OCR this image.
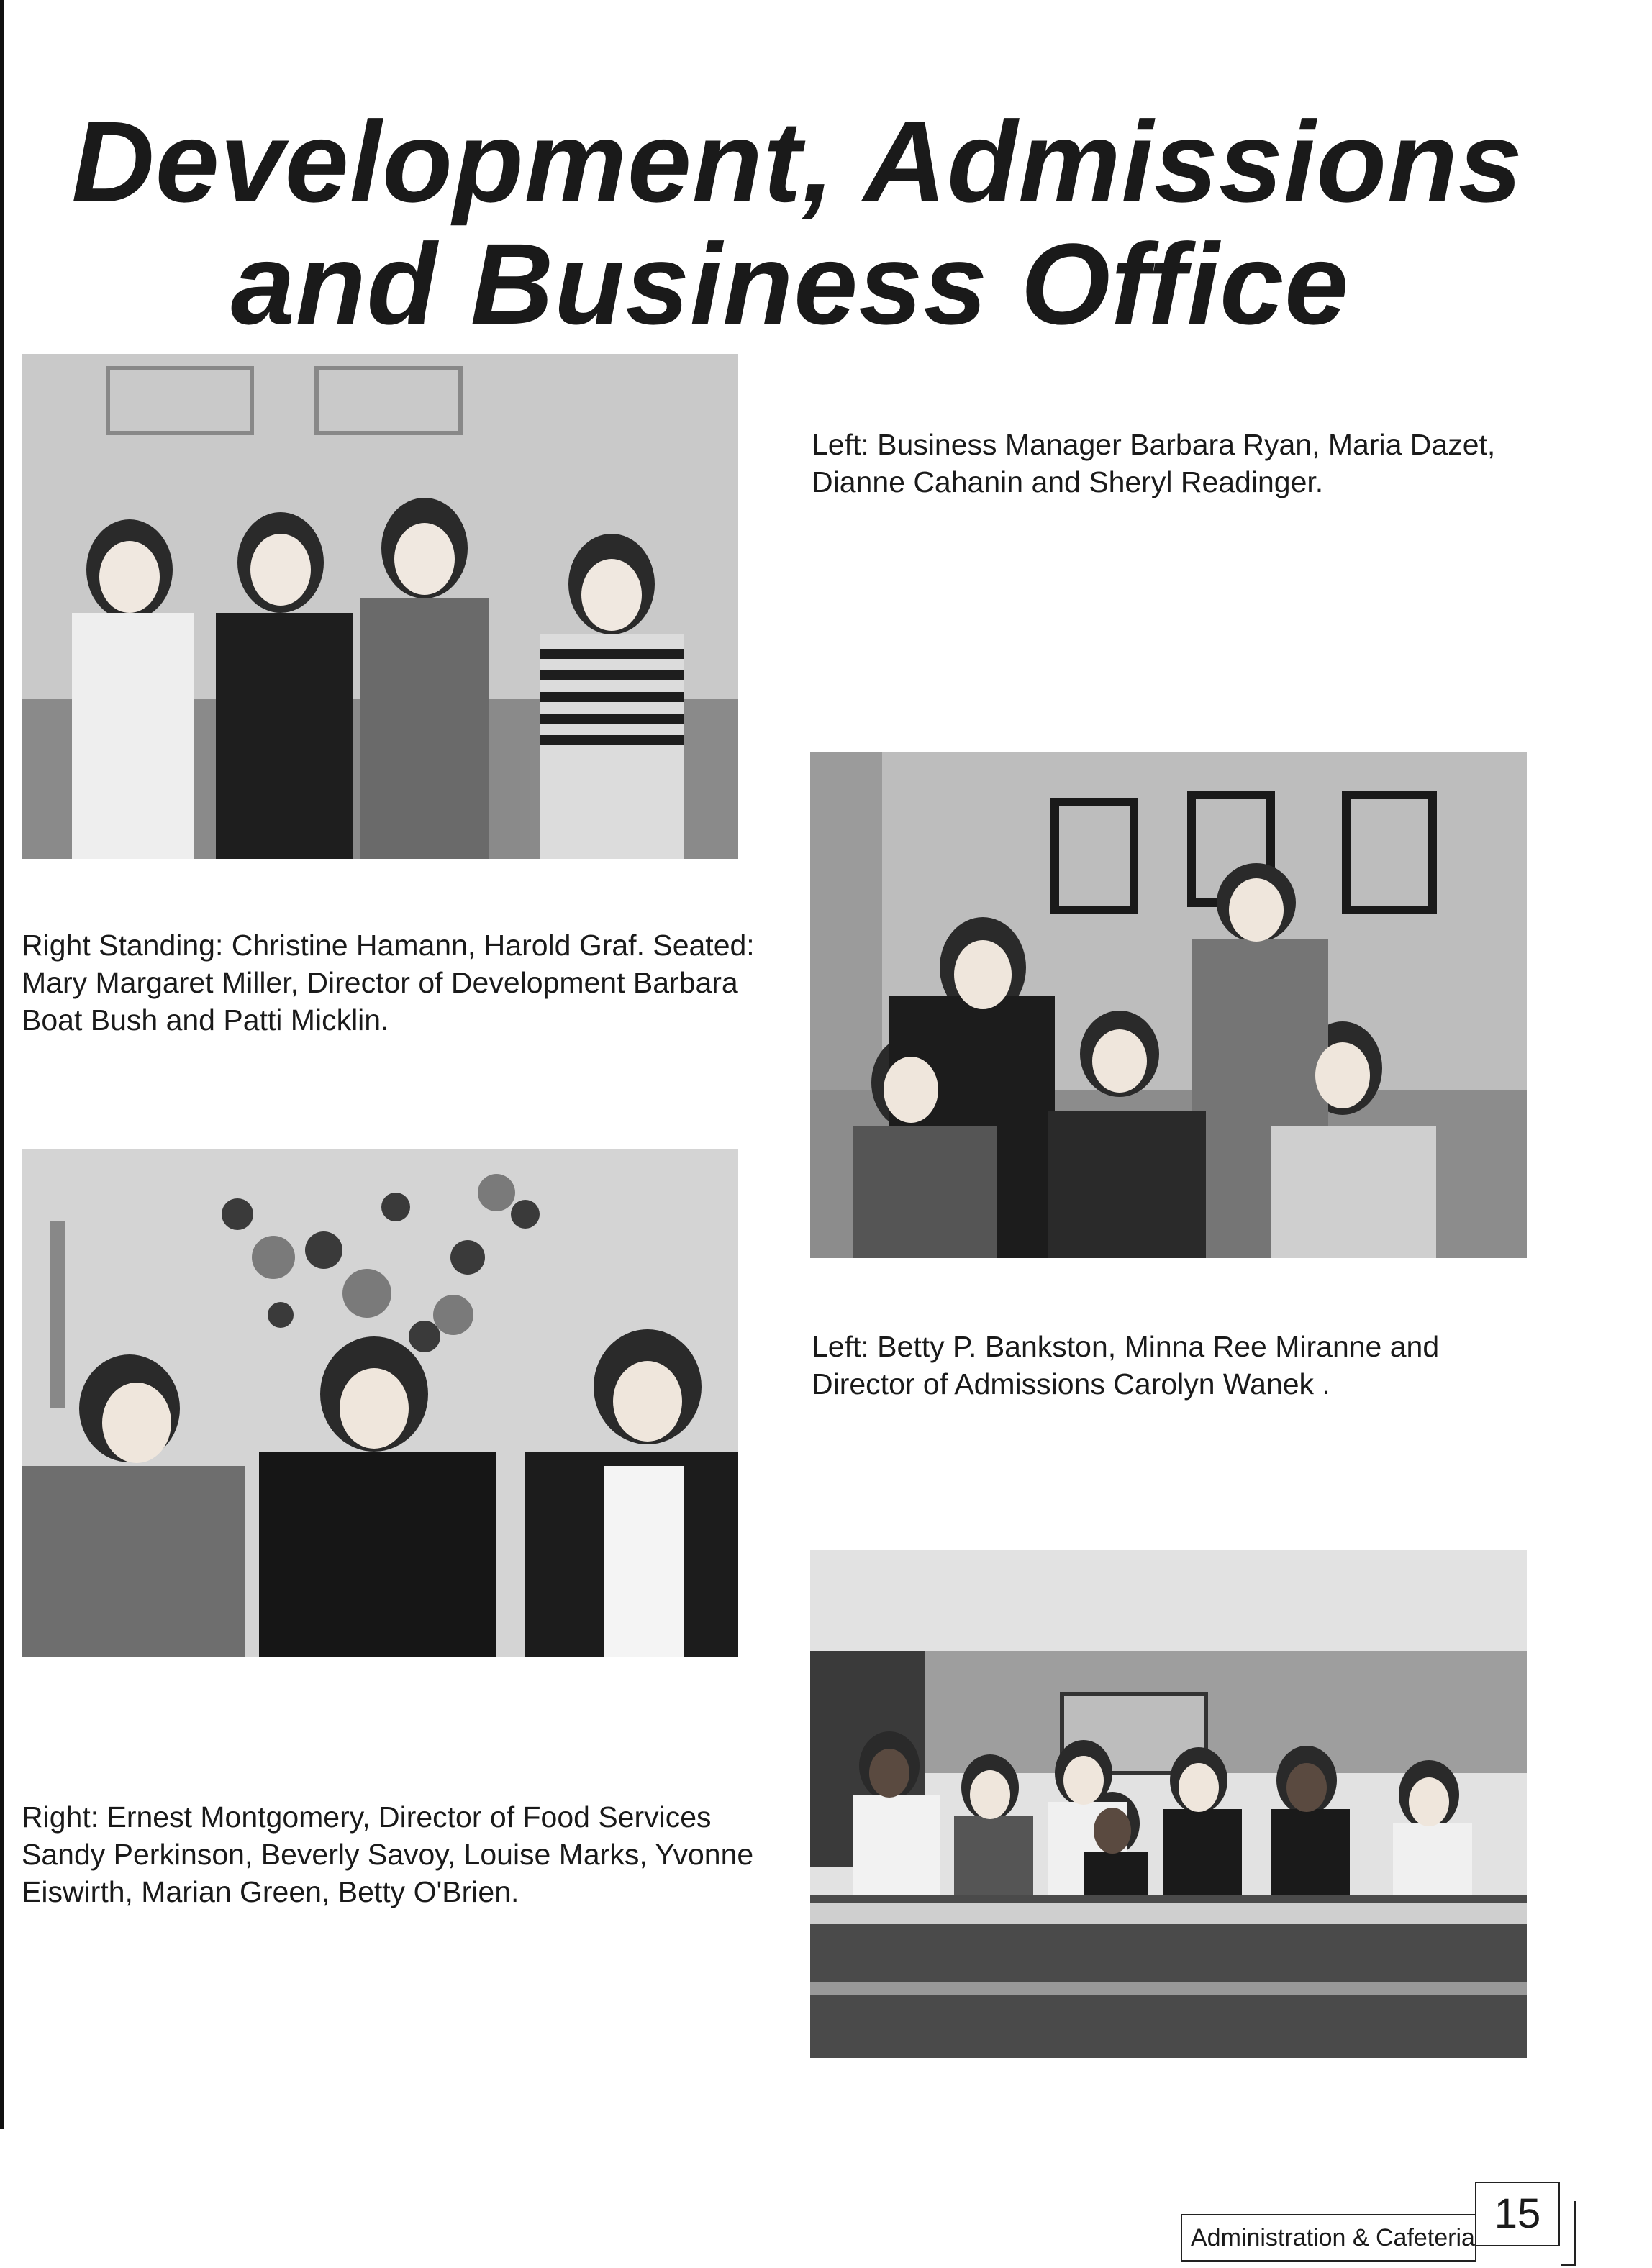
Development, Admissions
and Business Office
Left: Business Manager Barbara Ryan, Maria Dazet,
Dianne Cahanin and Sheryl Readinger.
Right Standing: Christine Hamann, Harold Graf. Seated:
Mary Margaret Miller, Director of Development Barbara
Boat Bush and Patti Micklin.
Left: Betty P. Bankston, Minna Ree Miranne and
Director of Admissions Carolyn Wanek .
Right: Ernest Montgomery, Director of Food Services
Sandy Perkinson, Beverly Savoy, Louise Marks, Yvonne
Eiswirth, Marian Green, Betty O'Brien.
Administration & Cafeteria
15
